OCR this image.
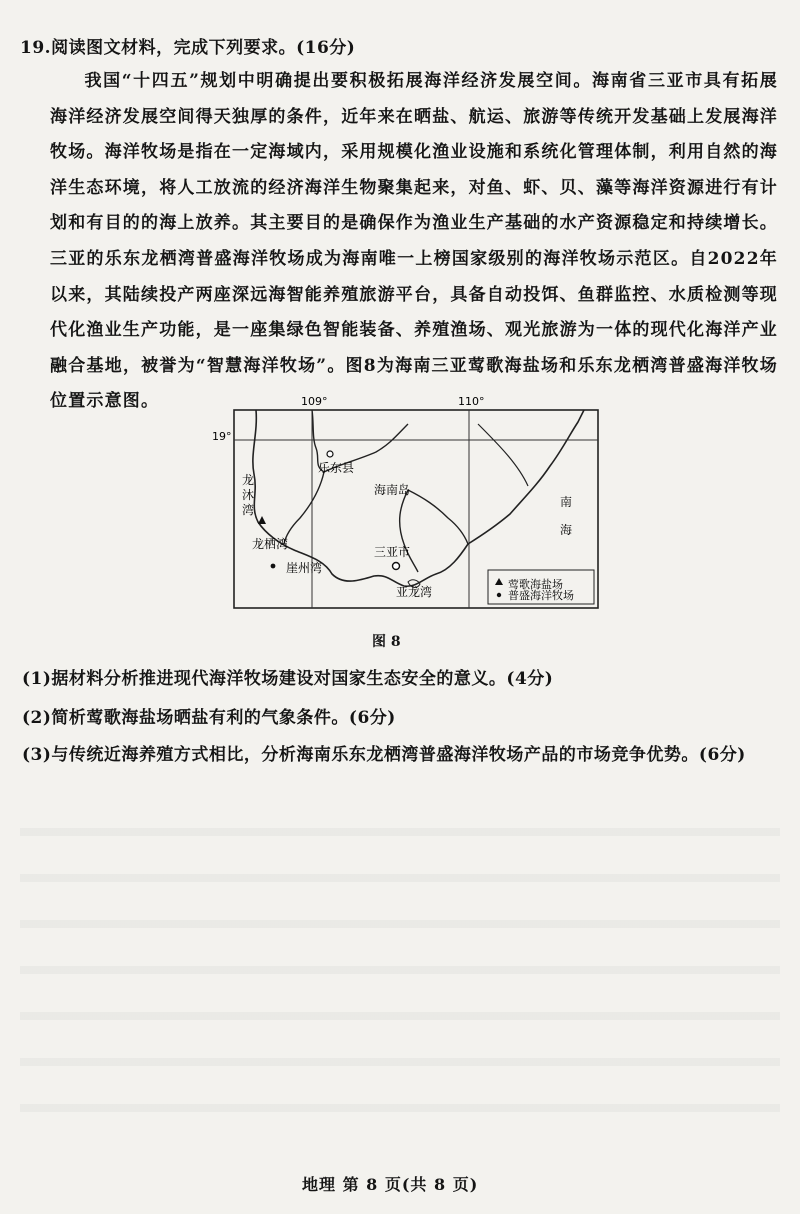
19.阅读图文材料，完成下列要求。(16分)
我国“十四五”规划中明确提出要积极拓展海洋经济发展空间。海南省三亚市具有拓展海洋经济发展空间得天独厚的条件，近年来在晒盐、航运、旅游等传统开发基础上发展海洋牧场。海洋牧场是指在一定海域内，采用规模化渔业设施和系统化管理体制，利用自然的海洋生态环境，将人工放流的经济海洋生物聚集起来，对鱼、虾、贝、藻等海洋资源进行有计划和有目的的海上放养。其主要目的是确保作为渔业生产基础的水产资源稳定和持续增长。三亚的乐东龙栖湾普盛海洋牧场成为海南唯一上榜国家级别的海洋牧场示范区。自2022年以来，其陆续投产两座深远海智能养殖旅游平台，具备自动投饵、鱼群监控、水质检测等现代化渔业生产功能，是一座集绿色智能装备、养殖渔场、观光旅游为一体的现代化海洋产业融合基地，被誉为“智慧海洋牧场”。图8为海南三亚莺歌海盐场和乐东龙栖湾普盛海洋牧场位置示意图。	109°	110°
19°
乐东县
海南岛
龙
沐
湾
龙栖湾
三亚市
崖州湾
亚龙湾
南
海
莺歌海盐场
普盛海洋牧场
图 8
(1)据材料分析推进现代海洋牧场建设对国家生态安全的意义。(4分)
(2)简析莺歌海盐场晒盐有利的气象条件。(6分)
(3)与传统近海养殖方式相比，分析海南乐东龙栖湾普盛海洋牧场产品的市场竞争优势。(6分)
地理 第 8 页(共 8 页)
